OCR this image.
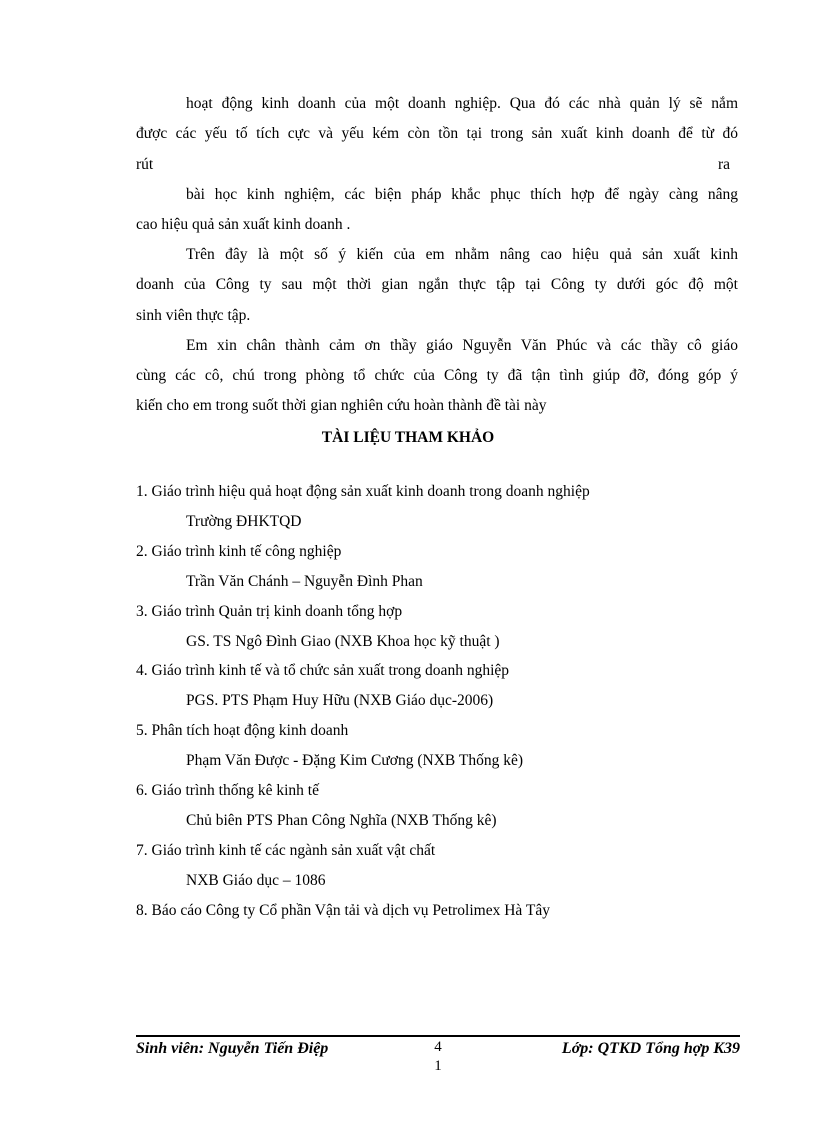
hoạt động kinh doanh của một doanh nghiệp. Qua đó các nhà quản lý sẽ nắm
được các yếu tố tích cực và yếu kém còn tồn tại trong sản xuất kinh doanh để từ đó
rút	ra
bài học kinh nghiệm, các biện pháp khắc phục thích hợp để ngày càng nâng
cao hiệu quả sản xuất kinh doanh .
Trên đây là một số ý kiến của em nhằm nâng cao hiệu quả sản xuất kinh
doanh của Công ty sau một thời gian ngắn thực tập tại Công ty dưới góc độ một
sinh viên thực tập.
Em xin chân thành cảm ơn thầy giáo Nguyễn Văn Phúc và các thầy cô giáo
cùng các cô, chú trong phòng tổ chức của Công ty đã tận tình giúp đỡ, đóng góp ý
kiến cho em trong suốt thời gian nghiên cứu hoàn thành đề tài này
TÀI LIỆU THAM KHẢO
1. Giáo trình hiệu quả hoạt động sản xuất kinh doanh trong doanh nghiệp
Trường ĐHKTQD
2. Giáo trình kinh tế công nghiệp
Trần Văn Chánh – Nguyễn Đình Phan
3. Giáo trình Quản trị kinh doanh tổng hợp
GS. TS Ngô Đình Giao (NXB Khoa học kỹ thuật )
4. Giáo trình kinh tế và tổ chức sản xuất trong doanh nghiệp
PGS. PTS Phạm Huy Hữu (NXB Giáo dục-2006)
5. Phân tích hoạt động kinh doanh
Phạm Văn Được - Đặng Kim Cương (NXB Thống kê)
6. Giáo trình thống kê kinh tế
Chủ biên PTS Phan Công Nghĩa (NXB Thống kê)
7. Giáo trình kinh tế các ngành sản xuất vật chất
NXB Giáo dục – 1086
8. Báo cáo Công ty Cổ phần Vận tải và dịch vụ Petrolimex Hà Tây
Sinh viên: Nguyễn Tiến Điệp	4
1
Lớp: QTKD Tổng hợp K39
